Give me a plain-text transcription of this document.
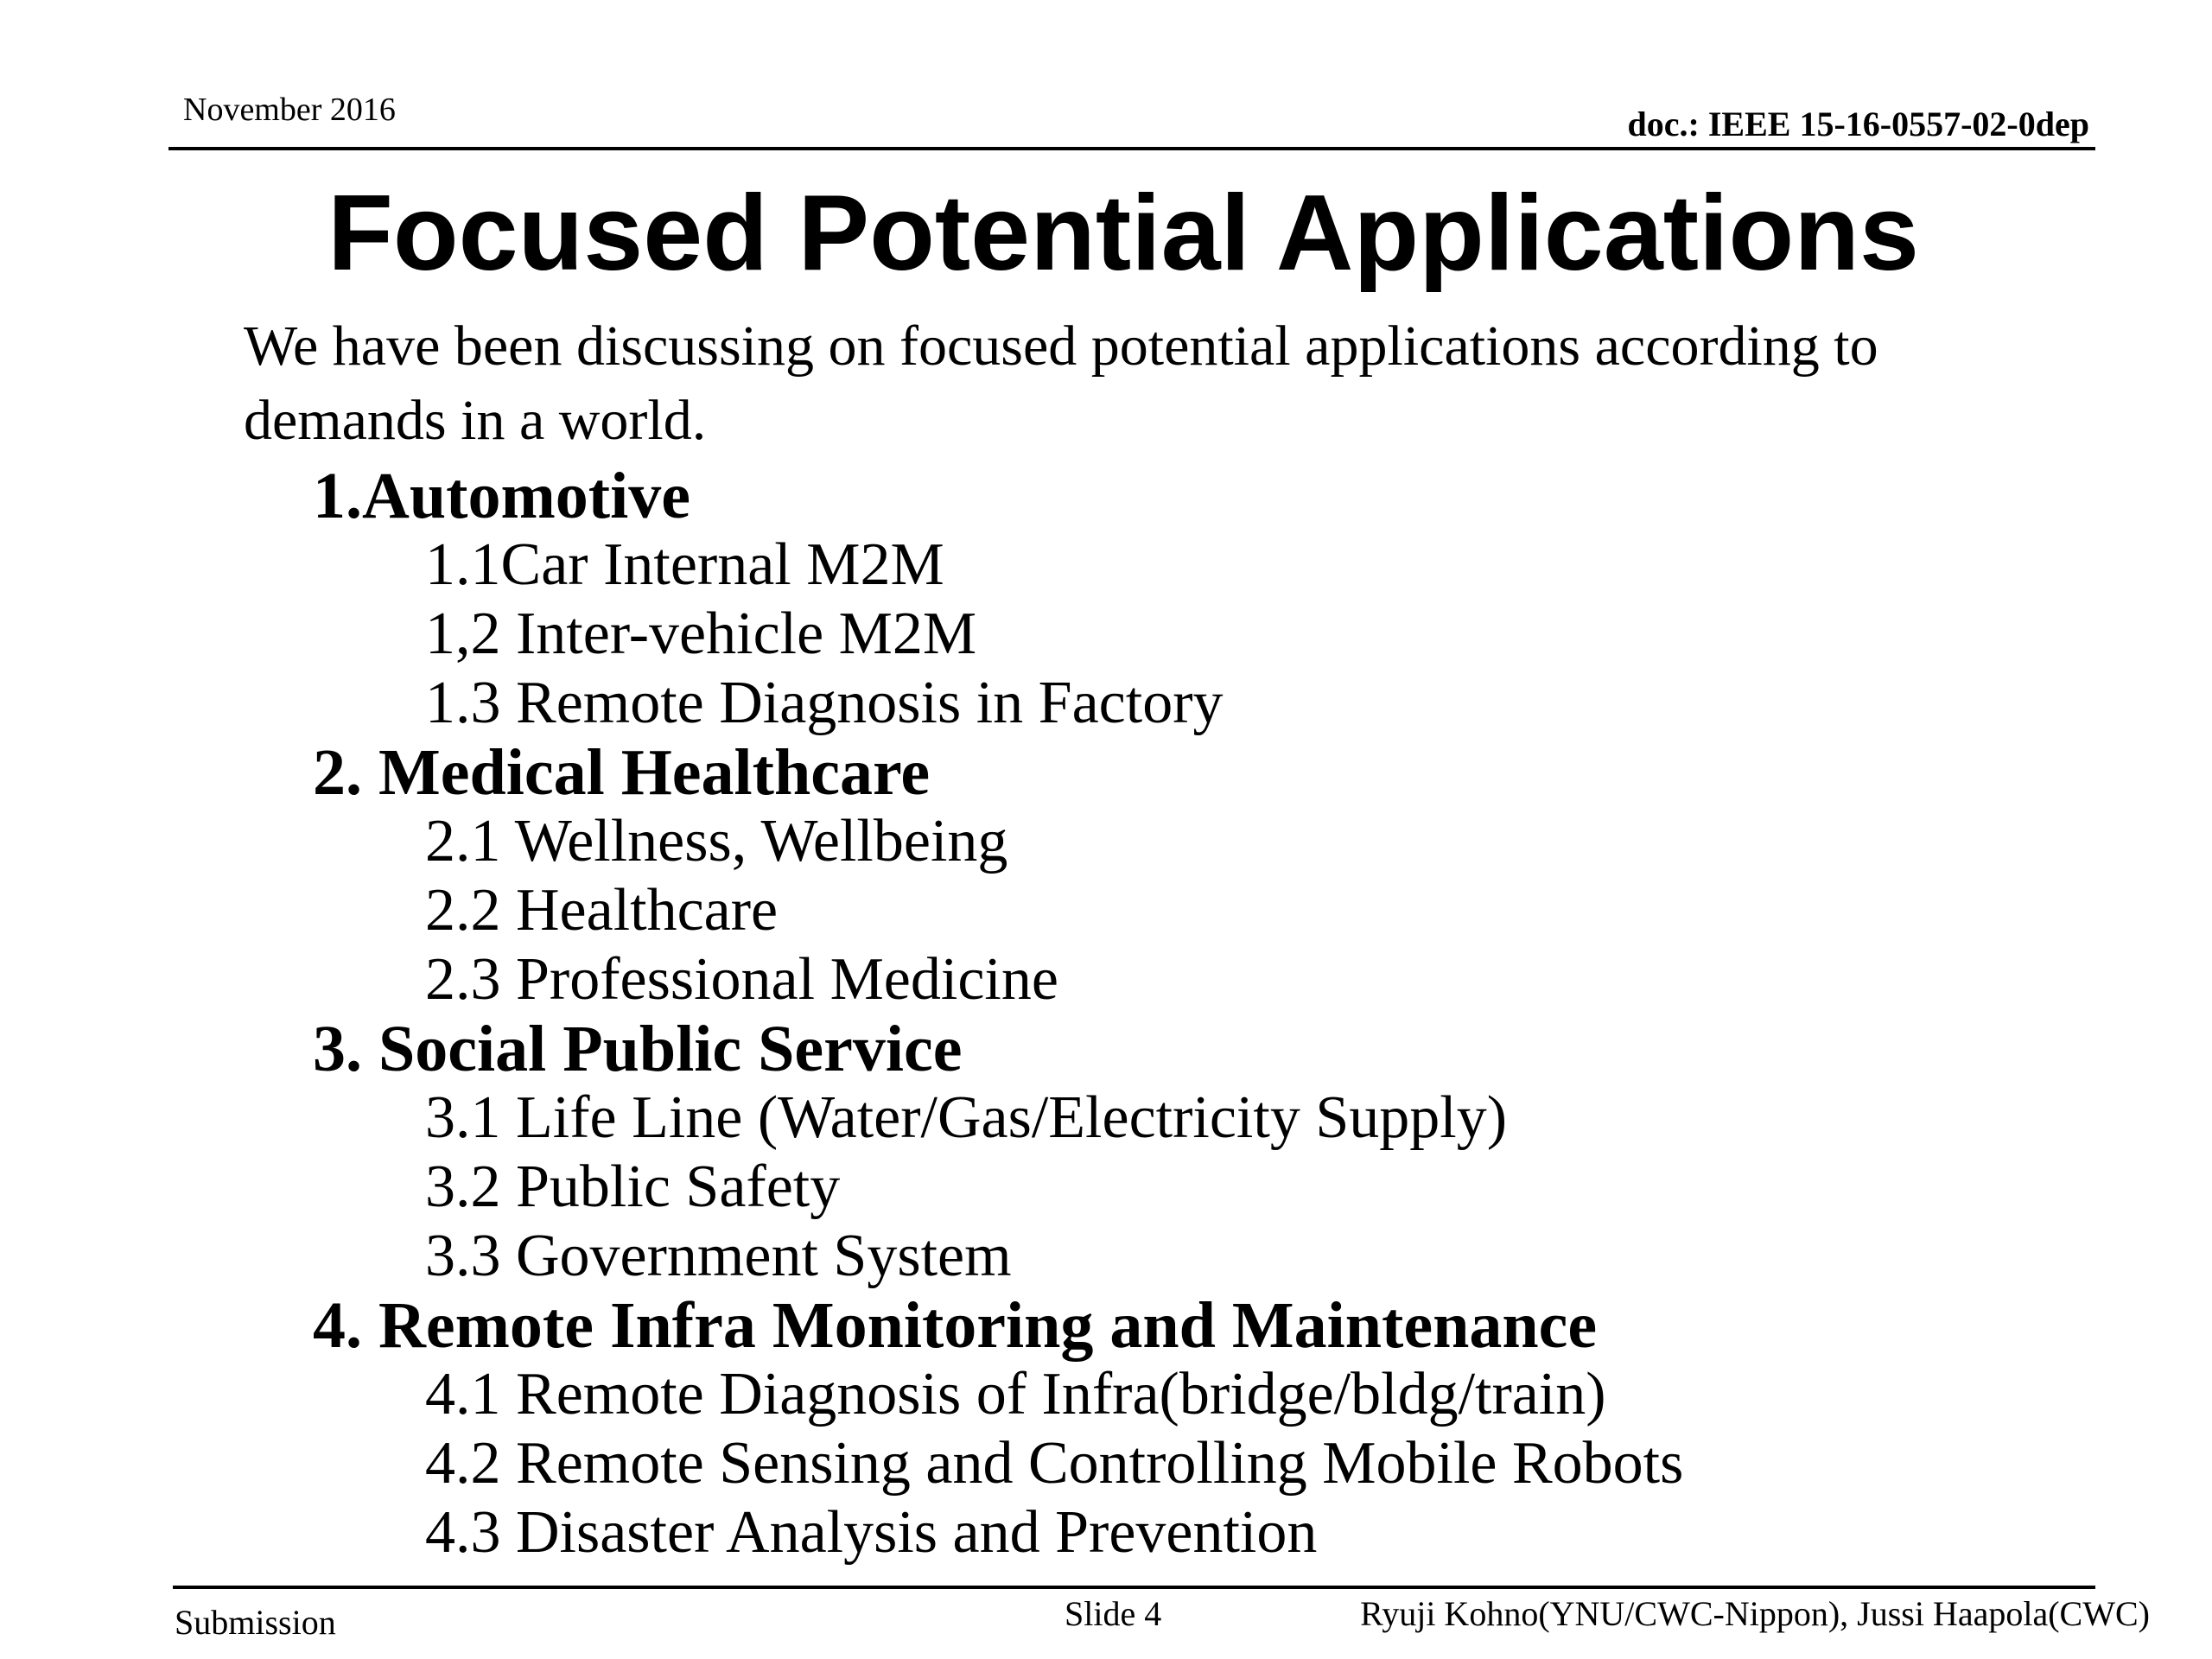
November 2016	doc.: IEEE 15-16-0557-02-0dep
Focused Potential Applications
We have been discussing on focused potential applications according to demands in a world.
1.Automotive
1.1Car Internal M2M
1,2 Inter-vehicle M2M
1.3 Remote Diagnosis in Factory
2. Medical Healthcare
2.1 Wellness, Wellbeing
2.2 Healthcare
2.3 Professional Medicine
3. Social Public Service
3.1 Life Line (Water/Gas/Electricity Supply)
3.2 Public Safety
3.3 Government System
4. Remote Infra Monitoring and Maintenance
4.1 Remote Diagnosis of Infra(bridge/bldg/train)
4.2 Remote Sensing and Controlling Mobile Robots
4.3 Disaster Analysis and Prevention
Submission	Slide 4	Ryuji Kohno(YNU/CWC-Nippon), Jussi Haapola(CWC)
